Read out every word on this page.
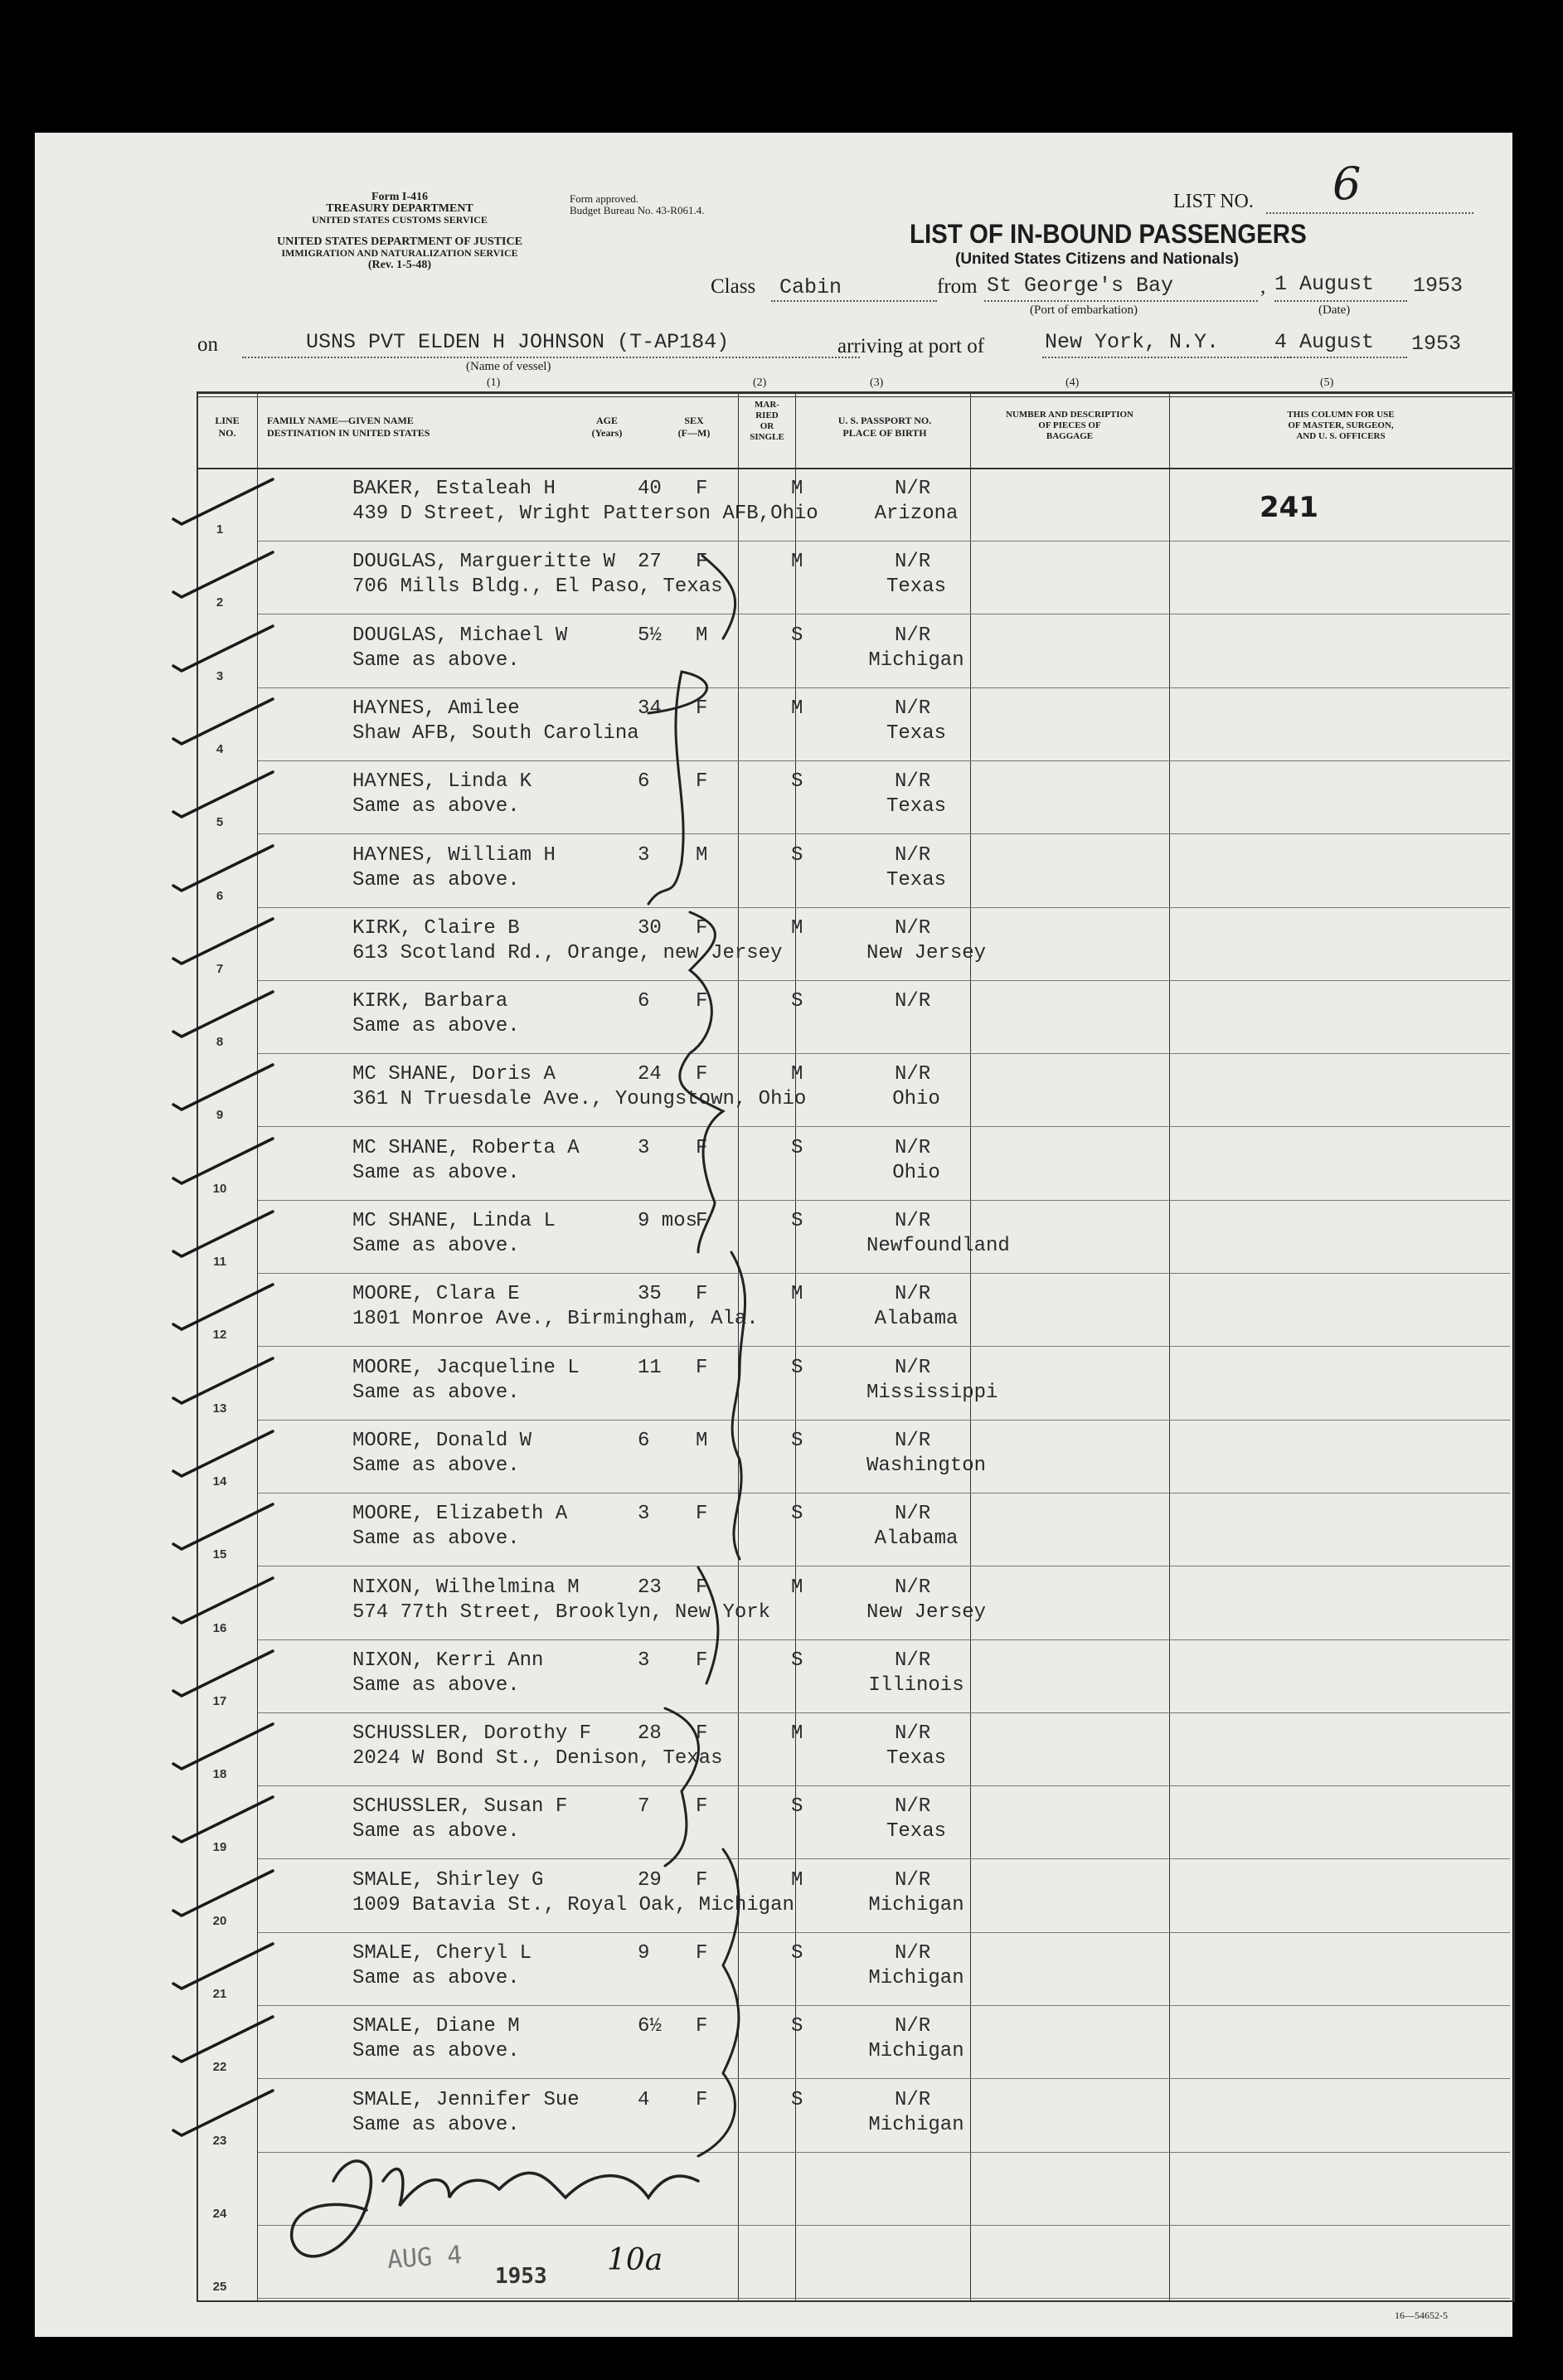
Form I-416
TREASURY DEPARTMENT
UNITED STATES CUSTOMS SERVICE
UNITED STATES DEPARTMENT OF JUSTICE
IMMIGRATION AND NATURALIZATION SERVICE
(Rev. 1-5-48)
Form approved.
Budget Bureau No. 43-R061.4.	LIST NO. 6
LIST OF IN-BOUND PASSENGERS
(United States Citizens and Nationals)
Class Cabin	from St George's Bay	, 1 August 1953
(Port of embarkation)	(Date)
on	USNS PVT ELDEN H JOHNSON (T-AP184)
(Name of vessel)
arriving at port of	New York, N.Y.	4 August 1953
(1)	(2)	(3)	(4)	(5)
LINE
NO.
FAMILY NAME—GIVEN NAME
DESTINATION IN UNITED STATES
AGE
(Years)
SEX
(F—M)
MAR-
RIED
OR
SINGLE
U. S. PASSPORT NO.
PLACE OF BIRTH
NUMBER AND DESCRIPTION
OF PIECES OF
BAGGAGE
THIS COLUMN FOR USE
OF MASTER, SURGEON,
AND U. S. OFFICERS
241
1
BAKER, Estaleah H
439 D Street, Wright Patterson AFB,Ohio
40 F	M	N/R
Arizona
2
DOUGLAS, Margueritte W
706 Mills Bldg., El Paso, Texas
27 F	M	N/R
Texas
3
DOUGLAS, Michael W
Same as above.
5½ M	S	N/R
Michigan
4
HAYNES, Amilee
Shaw AFB, South Carolina
34 F	M	N/R
Texas
5
HAYNES, Linda K
Same as above.
6 F	S	N/R
Texas
6
HAYNES, William H
Same as above.
3 M	S	N/R
Texas
7
KIRK, Claire B
613 Scotland Rd., Orange, new Jersey
30 F	M	N/R
New Jersey
8
KIRK, Barbara
Same as above.
6 F	S	N/R
9
MC SHANE, Doris A
361 N Truesdale Ave., Youngstown, Ohio
24 F	M	N/R
Ohio
10
MC SHANE, Roberta A
Same as above.
3 F	S	N/R
Ohio
11
MC SHANE, Linda L
Same as above.
9 mos
F	S	N/R
Newfoundland
12
MOORE, Clara E
1801 Monroe Ave., Birmingham, Ala.
35 F	M	N/R
Alabama
13
MOORE, Jacqueline L
Same as above.
11 F	S	N/R
Mississippi
14
MOORE, Donald W
Same as above.
6 M	S	N/R
Washington
15
MOORE, Elizabeth A
Same as above.
3 F	S	N/R
Alabama
16
NIXON, Wilhelmina M
574 77th Street, Brooklyn, New York
23 F	M	N/R
New Jersey
17
NIXON, Kerri Ann
Same as above.
3 F	S	N/R
Illinois
18
SCHUSSLER, Dorothy F
2024 W Bond St., Denison, Texas
28 F	M	N/R
Texas
19
SCHUSSLER, Susan F
Same as above.
7 F	S	N/R
Texas
20
SMALE, Shirley G
1009 Batavia St., Royal Oak, Michigan
29 F	M	N/R
Michigan
21
SMALE, Cheryl L
Same as above.
9 F	S	N/R
Michigan
22
SMALE, Diane M
Same as above.
6½ F	S	N/R
Michigan
23
SMALE, Jennifer Sue
Same as above.
4 F	S	N/R
Michigan
24
25
AUG 4
1953 10a
16—54652-5
